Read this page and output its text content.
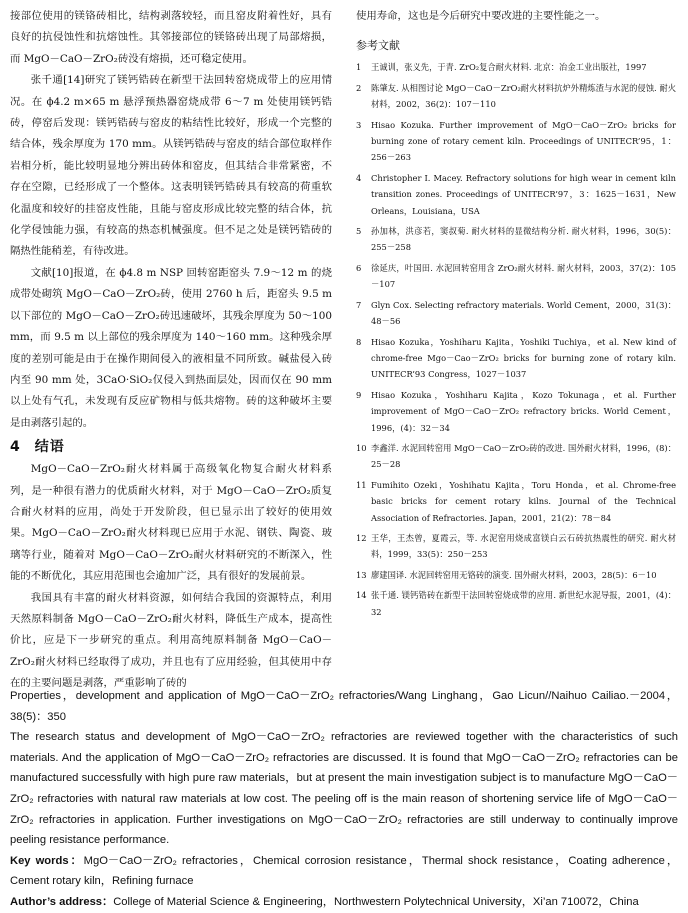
接部位使用的镁铬砖相比，结构剥落较轻，而且窑皮附着性好，具有良好的抗侵蚀性和抗熔蚀性。其邻接部位的镁铬砖出现了局部熔损，而 MgO－CaO－ZrO₂砖没有熔损，还可稳定使用。

张千通[14]研究了镁钙锆砖在新型干法回转窑烧成带上的应用情况。在 ϕ4.2 m×65 m 悬浮预热器窑烧成带 6～7 m 处使用镁钙锆砖，停窑后发现：镁钙锆砖与窑皮的粘结性比较好，形成一个完整的结合体，残余厚度为 170 mm。从镁钙锆砖与窑皮的结合部位取样作岩相分析，能比较明显地分辨出砖体和窑皮，但其结合非常紧密，不存在空隙，已经形成了一个整体。这表明镁钙锆砖具有较高的荷重软化温度和较好的挂窑皮性能，且能与窑皮形成比较完整的结合体，抗化学侵蚀能力强，有较高的热态机械强度。但不足之处是镁钙锆砖的隔热性能稍差，有待改进。

文献[10]报道，在 ϕ4.8 m NSP 回转窑距窑头 7.9～12 m 的烧成带处砌筑 MgO－CaO－ZrO₂砖，使用 2760 h 后，距窑头 9.5 m 以下部位的 MgO－CaO－ZrO₂砖迅速破坏，其残余厚度为 50～100 mm，而 9.5 m 以上部位的残余厚度为 140～160 mm。这种残余厚度的差别可能是由于在操作期间侵入的液相量不同所致。碱盐侵入砖内至 90 mm 处，3CaO·SiO₂仅侵入到热面层处，因而仅在 90 mm 以上处有气孔，未发现有反应矿物相与低共熔物。砖的这种破坏主要是由剥落引起的。

4 结语

MgO－CaO－ZrO₂耐火材料属于高级氧化物复合耐火材料系列，是一种很有潜力的优质耐火材料，对于 MgO－CaO－ZrO₂质复合耐火材料的应用，尚处于开发阶段，但已显示出了较好的使用效果。MgO－CaO－ZrO₂耐火材料现已应用于水泥、钢铁、陶瓷、玻璃等行业，随着对 MgO－CaO－ZrO₂耐火材料研究的不断深入，性能的不断优化，其应用范围也会逾加广泛，具有很好的发展前景。

我国具有丰富的耐火材料资源，如何结合我国的资源特点，利用天然原料制备 MgO－CaO－ZrO₂耐火材料，降低生产成本，提高性价比，应是下一步研究的重点。利用高纯原料制备 MgO－CaO－ZrO₂耐火材料已经取得了成功，并且也有了应用经验，但其使用中存在的主要问题是剥落，严重影响了砖的

使用寿命，这也是今后研究中要改进的主要性能之一。

参考文献
1 王诚训，张义先，于青. ZrO₂复合耐火材料. 北京：冶金工业出版社，1997
2 陈肇友. 从相图讨论 MgO－CaO－ZrO₂耐火材料抗炉外精炼渣与水泥的侵蚀. 耐火材料，2002，36(2)：107－110
3 Hisao Kozuka. Further improvement of MgO－CaO－ZrO₂ bricks for burning zone of rotary cement kiln. Proceedings of UNITECR’95，1：256－263
4 Christopher I. Macey. Refractory solutions for high wear in cement kiln transition zones. Proceedings of UNITECR’97，3：1625－1631，New Orleans，Louisiana，USA
5 孙加林，洪彦若，窦叔菊. 耐火材料的显微结构分析. 耐火材料，1996，30(5)：255－258
6 徐延庆，叶国田. 水泥回转窑用含 ZrO₂耐火材料. 耐火材料，2003，37(2)：105－107
7 Glyn Cox. Selecting refractory materials. World Cement，2000，31(3)：48－56
8 Hisao Kozuka，Yoshiharu Kajita，Yoshiki Tuchiya，et al. New kind of chrome-free Mgo－Cao－ZrO₂ bricks for burning zone of rotary kiln. UNITECR’93 Congress，1027－1037
9 Hisao Kozuka，Yoshiharu Kajita，Kozo Tokunaga，et al. Further improvement of MgO－CaO－ZrO₂ refractory bricks. World Cement，1996，(4)：32－34
10 李鑫洋. 水泥回转窑用 MgO－CaO－ZrO₂砖的改进. 国外耐火材料，1996，(8)：25－28
11 Fumihito Ozeki，Yoshihatu Kajita，Toru Honda，et al. Chrome-free basic bricks for cement rotary kilns. Journal of the Technical Association of Refractories. Japan，2001，21(2)：78－84
12 王华，王杰曾，夏霞云，等. 水泥窑用烧成富镁白云石砖抗热震性的研究. 耐火材料，1999，33(5)：250－253
13 廖建国译. 水泥回转窑用无铬砖的演变. 国外耐火材料，2003，28(5)：6－10
14 张千通. 镁钙锆砖在新型干法回转窑烧成带的应用. 新世纪水泥导报，2001，(4)：32

Properties，development and application of MgO－CaO－ZrO₂ refractories/Wang Linghang，Gao Licun//Naihuo Cailiao.－2004，38(5)：350

The research status and development of MgO－CaO－ZrO₂ refractories are reviewed together with the characteristics of such materials. And the application of MgO－CaO－ZrO₂ refractories are discussed. It is found that MgO－CaO－ZrO₂ refractories can be manufactured successfully with high pure raw materials，but at present the main investigation subject is to manufacture MgO－CaO－ZrO₂ refractories with natural raw materials at low cost. The peeling off is the main reason of shortening service life of MgO－CaO－ZrO₂ refractories in application. Further investigations on MgO－CaO－ZrO₂ refractories are still underway to continually improve peeling resistance performance.

Key words：MgO－CaO－ZrO₂ refractories，Chemical corrosion resistance，Thermal shock resistance，Coating adherence，Cement rotary kiln，Refining furnace

Author’s address：College of Material Science & Engineering，Northwestern Polytechnical University，Xi’an 710072，China
